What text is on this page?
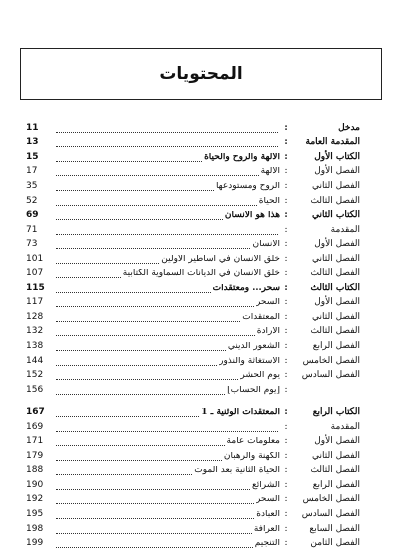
المحتويات
مدخل
:
11
المقدمة العامة
:
13
الكتاب الأول
:
الآلهة والروح والحياة
15
الفصل الأول
:
الآلهة
17
الفصل الثاني
:
الروح ومستودعها
35
الفصل الثالث
:
الحياة
52
الكتاب الثاني
:
هذا هو الانسان
69
المقدمة
:
71
الفصل الأول
:
الانسان
73
الفصل الثاني
:
خلق الانسان في أساطير الأولين
101
الفصل الثالث
:
خلق الانسان في الديانات السماوية الكتابية
107
الكتاب الثالث
:
سحر... ومعتقدات
115
الفصل الأول
:
السحر
117
الفصل الثاني
:
المعتقدات
128
الفصل الثالث
:
الارادة
132
الفصل الرابع
:
الشعور الديني
138
الفصل الخامس
:
الاستغاثة والنذور
144
الفصل السادس
:
يوم الحشر
152
:
[يوم الحساب]
156
الكتاب الرابع
:
المعتقدات الوثنية ـ 1
167
المقدمة
:
169
الفصل الأول
:
معلومات عامة
171
الفصل الثاني
:
الكهنة والرهبان
179
الفصل الثالث
:
الحياة الثانية بعد الموت
188
الفصل الرابع
:
الشرائع
190
الفصل الخامس
:
السحر
192
الفصل السادس
:
العبادة
195
الفصل السابع
:
العرافة
198
الفصل الثامن
:
التنجيم
199
